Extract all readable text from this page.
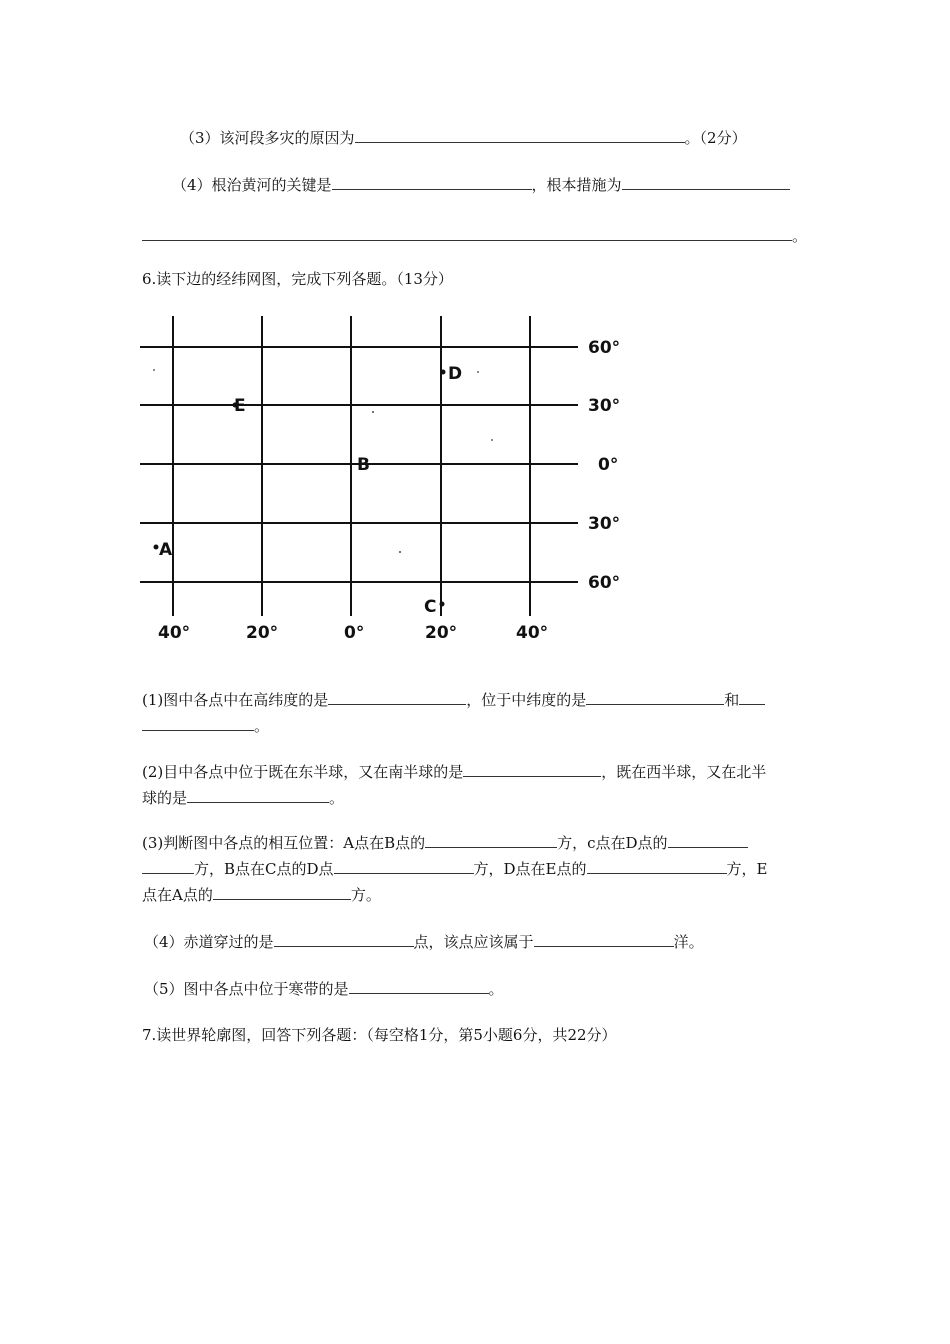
（3）该河段多灾的原因为	。（2分）
（4）根治黄河的关键是	，根本措施为
。
6.读下边的经纬网图，完成下列各题。（13分）
60°
30°
0°
30°
60°
40°	20°	0°	20°	40°
D
E
B
A
C
(1)图中各点中在高纬度的是	，位于中纬度的是	和
。
(2)目中各点中位于既在东半球，又在南半球的是	，既在西半球，又在北半
球的是	。
(3)判断图中各点的相互位置：A点在B点的	方，c点在D点的
方，B点在C点的D点	方，D点在E点的	方，E
点在A点的	方。
（4）赤道穿过的是	点，该点应该属于	洋。
（5）图中各点中位于寒带的是	。
7.读世界轮廓图，回答下列各题：（每空格1分，第5小题6分，共22分）
